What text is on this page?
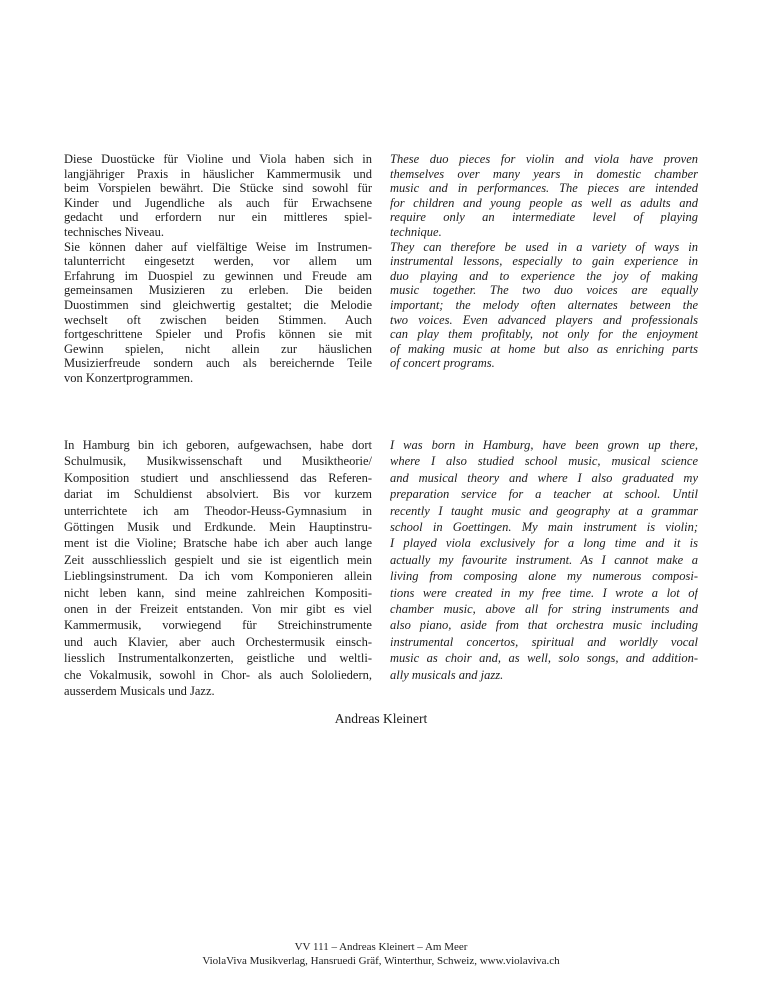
Diese Duostücke für Violine und Viola haben sich in
langjähriger Praxis in häuslicher Kammermusik und
beim Vorspielen bewährt. Die Stücke sind sowohl für
Kinder und Jugendliche als auch für Erwachsene
gedacht und erfordern nur ein mittleres spiel-
technisches Niveau.
Sie können daher auf vielfältige Weise im Instrumen-
talunterricht eingesetzt werden, vor allem um
Erfahrung im Duospiel zu gewinnen und Freude am
gemeinsamen Musizieren zu erleben. Die beiden
Duostimmen sind gleichwertig gestaltet; die Melodie
wechselt oft zwischen beiden Stimmen. Auch
fortgeschrittene Spieler und Profis können sie mit
Gewinn spielen, nicht allein zur häuslichen
Musizierfreude sondern auch als bereichernde Teile
von Konzertprogrammen.
These duo pieces for violin and viola have proven
themselves over many years in domestic chamber
music and in performances. The pieces are intended
for children and young people as well as adults and
require only an intermediate level of playing
technique.
They can therefore be used in a variety of ways in
instrumental lessons, especially to gain experience in
duo playing and to experience the joy of making
music together. The two duo voices are equally
important; the melody often alternates between the
two voices. Even advanced players and professionals
can play them profitably, not only for the enjoyment
of making music at home but also as enriching parts
of concert programs.
In Hamburg bin ich geboren, aufgewachsen, habe dort
Schulmusik, Musikwissenschaft und Musiktheorie/
Komposition studiert und anschliessend das Referen-
dariat im Schuldienst absolviert. Bis vor kurzem
unterrichtete ich am Theodor-Heuss-Gymnasium in
Göttingen Musik und Erdkunde. Mein Hauptinstru-
ment ist die Violine; Bratsche habe ich aber auch lange
Zeit ausschliesslich gespielt und sie ist eigentlich mein
Lieblingsinstrument. Da ich vom Komponieren allein
nicht leben kann, sind meine zahlreichen Kompositi-
onen in der Freizeit entstanden. Von mir gibt es viel
Kammermusik, vorwiegend für Streichinstrumente
und auch Klavier, aber auch Orchestermusik einsch-
liesslich Instrumentalkonzerten, geistliche und weltli-
che Vokalmusik, sowohl in Chor- als auch Sololiedern,
ausserdem Musicals und Jazz.
I was born in Hamburg, have been grown up there,
where I also studied school music, musical science
and musical theory and where I also graduated my
preparation service for a teacher at school. Until
recently I taught music and geography at a grammar
school in Goettingen. My main instrument is violin;
I played viola exclusively for a long time and it is
actually my favourite instrument. As I cannot make a
living from composing alone my numerous composi-
tions were created in my free time. I wrote a lot of
chamber music, above all for string instruments and
also piano, aside from that orchestra music including
instrumental concertos, spiritual and worldly vocal
music as choir and, as well, solo songs, and addition-
ally musicals and jazz.
Andreas Kleinert
VV 111 – Andreas Kleinert – Am Meer
ViolaViva Musikverlag, Hansruedi Gräf, Winterthur, Schweiz, www.violaviva.ch
